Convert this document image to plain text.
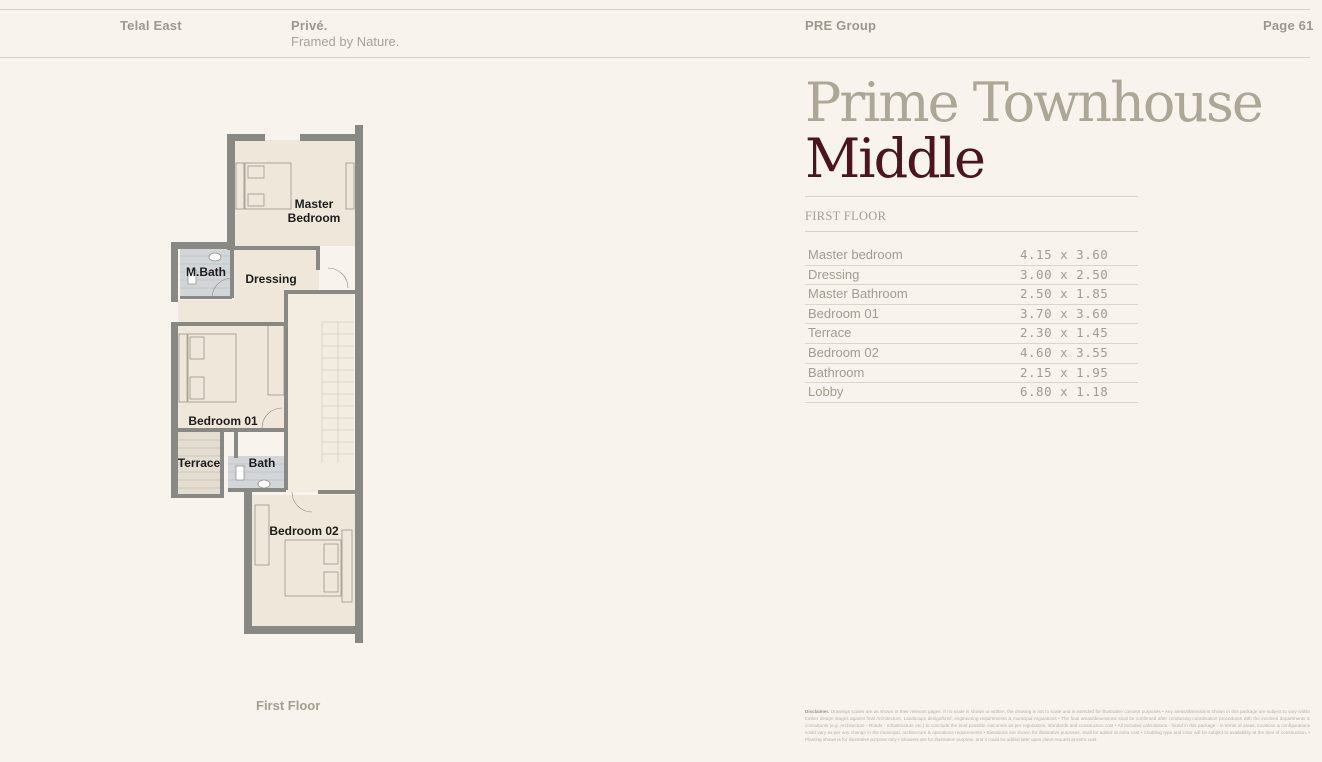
Telal East	Privé.
Framed by Nature.
PRE Group	Page 61
Master
Bedroom
M.Bath Dressing
Bedroom 01
Terrace Bath
Bedroom 02
First Floor
Prime Townhouse
Middle
FIRST FLOOR
Master bedroom	4.15 x 3.60
Dressing	3.00 x 2.50
Master Bathroom	2.50 x 1.85
Bedroom 01	3.70 x 3.60
Terrace	2.30 x 1.45
Bedroom 02	4.60 x 3.55
Bathroom	2.15 x 1.95
Lobby	6.80 x 1.18
Disclaimer. Drawings scales are as shown in their relevant pages. If no scale is shown or written, the drawing is not to scale and is intended for illustrative concept purposes • Any areas/dimensions shown in this package are subject to vary within further design stages against final Architecture, Landscape design/brief, engineering requirements & municipal regulations • The final areas/dimensions shall be confirmed after conducting coordination procedures with the involved departments & consultants (e.g. Architecture - Roads - Infrastructure etc.) to conclude the best possible outcomes as per regulations, standards and construction cost • All Included calculations - found in this package - in terms of areas, locations & configurations could vary as per any change in the municipal, architecture & operations requirements • Elevations are shown for illustrative purposes, shall be added at extra cost • Cladding type and color will be subject to availability at the time of construction. • Planting shown is for illustrative purpose only • Showers are for illustration purpose, and it could be added later upon client request at extra cost.
